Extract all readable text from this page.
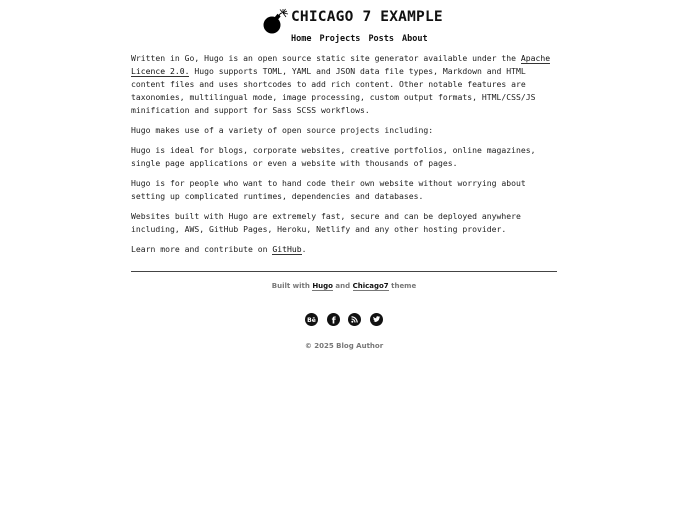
CHICAGO 7 EXAMPLE
Home Projects Posts About

Written in Go, Hugo is an open source static site generator available under the Apache Licence 2.0. Hugo supports TOML, YAML and JSON data file types, Markdown and HTML content files and uses shortcodes to add rich content. Other notable features are taxonomies, multilingual mode, image processing, custom output formats, HTML/CSS/JS minification and support for Sass SCSS workflows.

Hugo makes use of a variety of open source projects including:

Hugo is ideal for blogs, corporate websites, creative portfolios, online magazines, single page applications or even a website with thousands of pages.

Hugo is for people who want to hand code their own website without worrying about setting up complicated runtimes, dependencies and databases.

Websites built with Hugo are extremely fast, secure and can be deployed anywhere including, AWS, GitHub Pages, Heroku, Netlify and any other hosting provider.

Learn more and contribute on GitHub.

Built with Hugo and Chicago7 theme
Bē f
© 2025 Blog Author
